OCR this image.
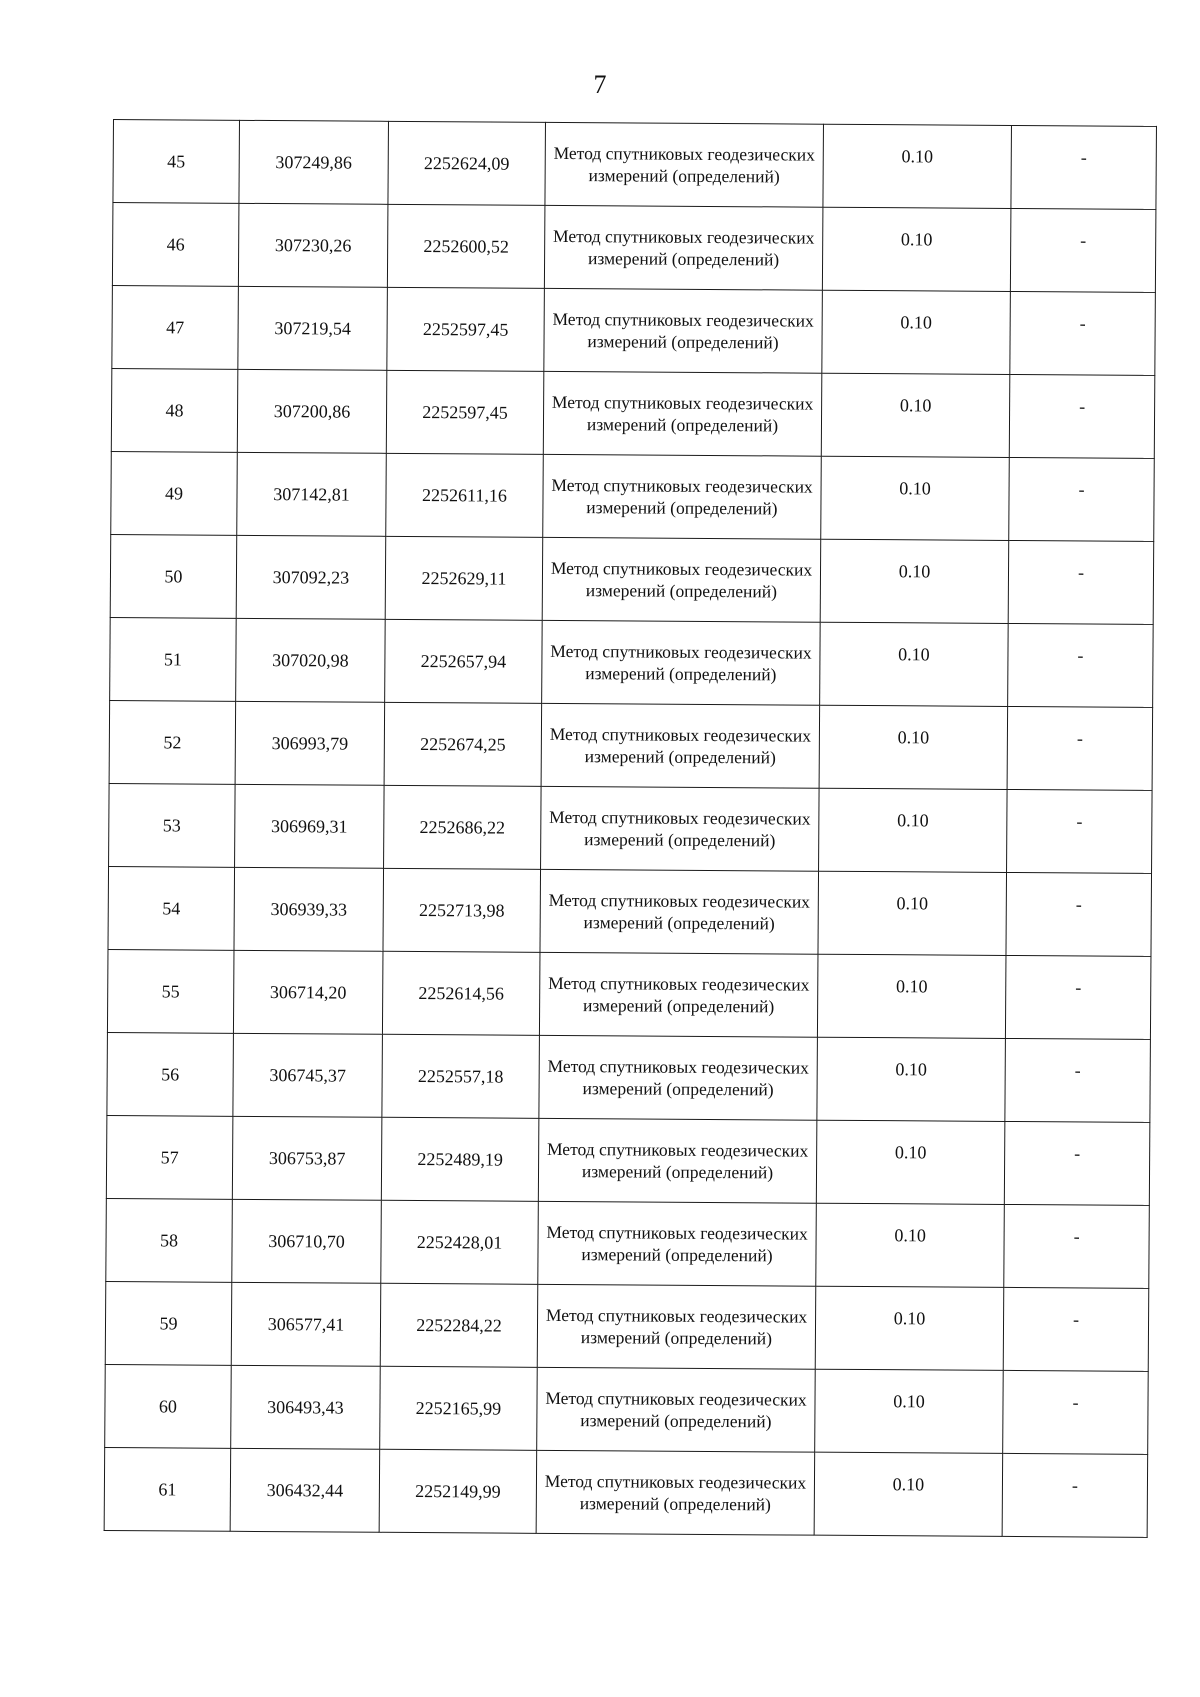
7
45	307249,86	2252624,09	Метод спутниковых геодезических измерений (определений)	0.10	-
46	307230,26	2252600,52	Метод спутниковых геодезических измерений (определений)	0.10	-
47	307219,54	2252597,45	Метод спутниковых геодезических измерений (определений)	0.10	-
48	307200,86	2252597,45	Метод спутниковых геодезических измерений (определений)	0.10	-
49	307142,81	2252611,16	Метод спутниковых геодезических измерений (определений)	0.10	-
50	307092,23	2252629,11	Метод спутниковых геодезических измерений (определений)	0.10	-
51	307020,98	2252657,94	Метод спутниковых геодезических измерений (определений)	0.10	-
52	306993,79	2252674,25	Метод спутниковых геодезических измерений (определений)	0.10	-
53	306969,31	2252686,22	Метод спутниковых геодезических измерений (определений)	0.10	-
54	306939,33	2252713,98	Метод спутниковых геодезических измерений (определений)	0.10	-
55	306714,20	2252614,56	Метод спутниковых геодезических измерений (определений)	0.10	-
56	306745,37	2252557,18	Метод спутниковых геодезических измерений (определений)	0.10	-
57	306753,87	2252489,19	Метод спутниковых геодезических измерений (определений)	0.10	-
58	306710,70	2252428,01	Метод спутниковых геодезических измерений (определений)	0.10	-
59	306577,41	2252284,22	Метод спутниковых геодезических измерений (определений)	0.10	-
60	306493,43	2252165,99	Метод спутниковых геодезических измерений (определений)	0.10	-
61	306432,44	2252149,99	Метод спутниковых геодезических измерений (определений)	0.10	-
